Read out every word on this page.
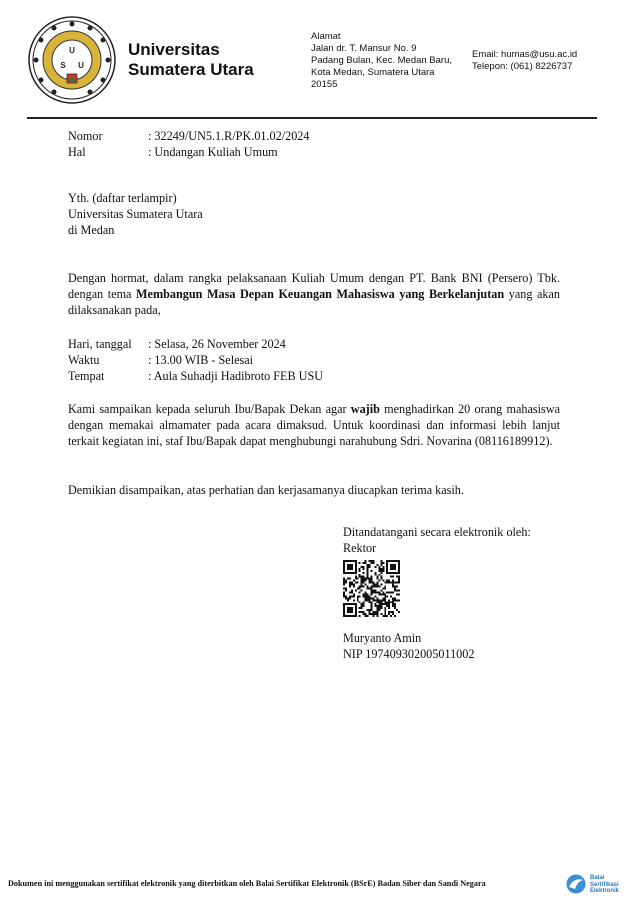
U
S U
Universitas
Sumatera Utara
Alamat
Jalan dr. T. Mansur No. 9
Padang Bulan, Kec. Medan Baru,
Kota Medan, Sumatera Utara
20155
Email: humas@usu.ac.id
Telepon: (061) 8226737
Nomor	: 32249/UN5.1.R/PK.01.02/2024
Hal	: Undangan Kuliah Umum
Yth. (daftar terlampir)
Universitas Sumatera Utara
di Medan
Dengan hormat, dalam rangka pelaksanaan Kuliah Umum dengan PT. Bank BNI (Persero) Tbk. dengan tema Membangun Masa Depan Keuangan Mahasiswa yang Berkelanjutan yang akan dilaksanakan pada,
Hari, tanggal	: Selasa, 26 November 2024
Waktu	: 13.00 WIB - Selesai
Tempat	: Aula Suhadji Hadibroto FEB USU
Kami sampaikan kepada seluruh Ibu/Bapak Dekan agar wajib menghadirkan 20 orang mahasiswa dengan memakai almamater pada acara dimaksud. Untuk koordinasi dan informasi lebih lanjut terkait kegiatan ini, staf Ibu/Bapak dapat menghubungi narahubung Sdri. Novarina (08116189912).
Demikian disampaikan, atas perhatian dan kerjasamanya diucapkan terima kasih.
Ditandatangani secara elektronik oleh:
Rektor
Muryanto Amin
NIP 197409302005011002
Dokumen ini menggunakan sertifikat elektronik yang diterbitkan oleh Balai Sertifikat Elektronik (BSrE) Badan Siber dan Sandi Negara
Balai
Sertifikasi
Elektronik
